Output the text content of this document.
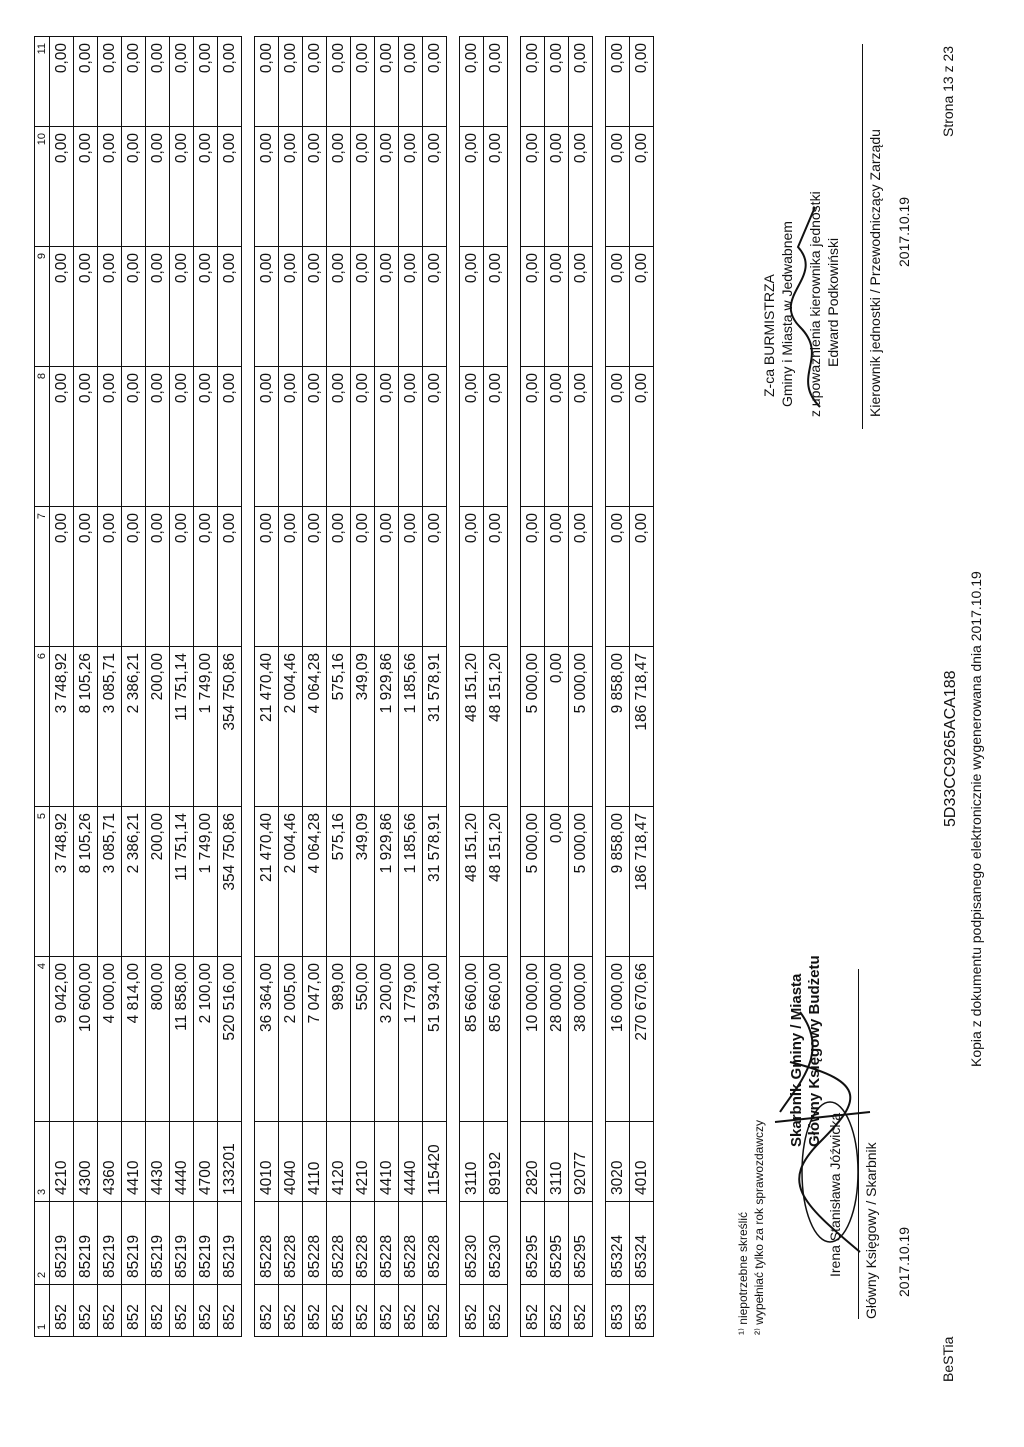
1	2	3	4	5	6	7	8	9	10	11
852	85219	4210	9 042,00	3 748,92	3 748,92	0,00	0,00	0,00	0,00	0,00
852	85219	4300	10 600,00	8 105,26	8 105,26	0,00	0,00	0,00	0,00	0,00
852	85219	4360	4 000,00	3 085,71	3 085,71	0,00	0,00	0,00	0,00	0,00
852	85219	4410	4 814,00	2 386,21	2 386,21	0,00	0,00	0,00	0,00	0,00
852	85219	4430	800,00	200,00	200,00	0,00	0,00	0,00	0,00	0,00
852	85219	4440	11 858,00	11 751,14	11 751,14	0,00	0,00	0,00	0,00	0,00
852	85219	4700	2 100,00	1 749,00	1 749,00	0,00	0,00	0,00	0,00	0,00
852	85219	133201	520 516,00	354 750,86	354 750,86	0,00	0,00	0,00	0,00	0,00

852	85228	4010	36 364,00	21 470,40	21 470,40	0,00	0,00	0,00	0,00	0,00
852	85228	4040	2 005,00	2 004,46	2 004,46	0,00	0,00	0,00	0,00	0,00
852	85228	4110	7 047,00	4 064,28	4 064,28	0,00	0,00	0,00	0,00	0,00
852	85228	4120	989,00	575,16	575,16	0,00	0,00	0,00	0,00	0,00
852	85228	4210	550,00	349,09	349,09	0,00	0,00	0,00	0,00	0,00
852	85228	4410	3 200,00	1 929,86	1 929,86	0,00	0,00	0,00	0,00	0,00
852	85228	4440	1 779,00	1 185,66	1 185,66	0,00	0,00	0,00	0,00	0,00
852	85228	115420	51 934,00	31 578,91	31 578,91	0,00	0,00	0,00	0,00	0,00

852	85230	3110	85 660,00	48 151,20	48 151,20	0,00	0,00	0,00	0,00	0,00
852	85230	89192	85 660,00	48 151,20	48 151,20	0,00	0,00	0,00	0,00	0,00

852	85295	2820	10 000,00	5 000,00	5 000,00	0,00	0,00	0,00	0,00	0,00
852	85295	3110	28 000,00	0,00	0,00	0,00	0,00	0,00	0,00	0,00
852	85295	92077	38 000,00	5 000,00	5 000,00	0,00	0,00	0,00	0,00	0,00

853	85324	3020	16 000,00	9 858,00	9 858,00	0,00	0,00	0,00	0,00	0,00
853	85324	4010	270 670,66	186 718,47	186 718,47	0,00	0,00	0,00	0,00	0,00
¹⁾ niepotrzebne skreślić ²⁾ wypełniać tylko za rok sprawozdawczy
Skarbnik Gminy / Miasta Główny Księgowy Budżetu
Irena Stanisława Jóźwicka Główny Księgowy / Skarbnik 2017.10.19
5D33CC9265ACA188 Kopia z dokumentu podpisanego elektronicznie wygenerowana dnia 2017.10.19
Z-ca BURMISTRZA Gminy i Miasta w Jedwabnem z upoważnienia kierownika jednostki Edward Podkowiński Kierownik jednostki / Przewodniczący Zarządu 2017.10.19
BeSTia
Strona 13 z 23
